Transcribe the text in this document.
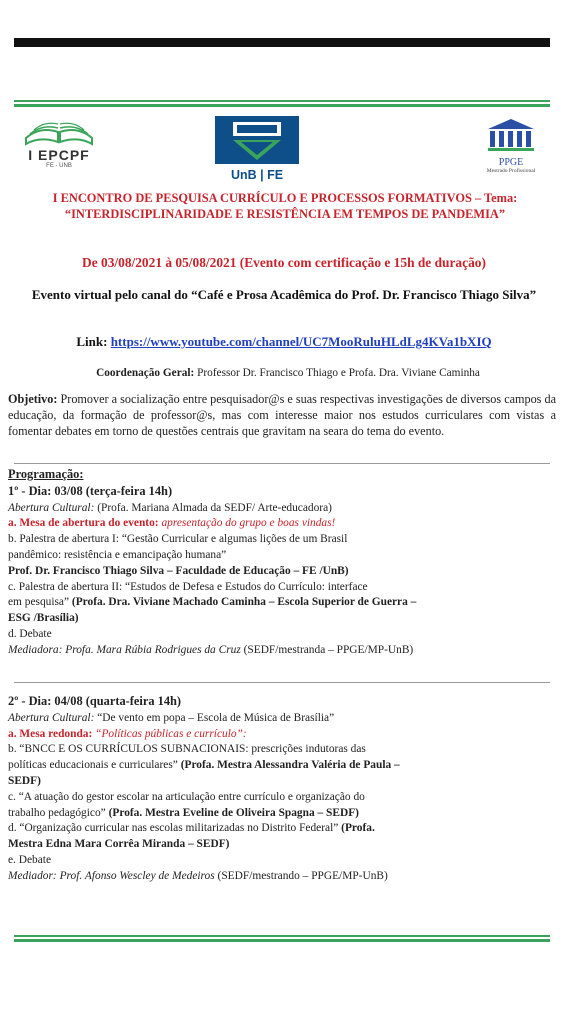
I EPCPF
FE - UNB
UnB | FE
PPGE
Mestrado Profissional
I ENCONTRO DE PESQUISA CURRÍCULO E PROCESSOS FORMATIVOS – Tema: “INTERDISCIPLINARIDADE E RESISTÊNCIA EM TEMPOS DE PANDEMIA”
De 03/08/2021 à 05/08/2021 (Evento com certificação e 15h de duração)
Evento virtual pelo canal do “Café e Prosa Acadêmica do Prof. Dr. Francisco Thiago Silva”
Link: https://www.youtube.com/channel/UC7MooRuluHLdLg4KVa1bXIQ
Coordenação Geral: Professor Dr. Francisco Thiago e Profa. Dra. Viviane Caminha
Objetivo: Promover a socialização entre pesquisador@s e suas respectivas investigações de diversos campos da educação, da formação de professor@s, mas com interesse maior nos estudos curriculares com vistas a fomentar debates em torno de questões centrais que gravitam na seara do tema do evento.
Programação:
1º - Dia: 03/08 (terça-feira 14h)
Abertura Cultural: (Profa. Mariana Almada da SEDF/ Arte-educadora)
a. Mesa de abertura do evento: apresentação do grupo e boas vindas!
b. Palestra de abertura I: “Gestão Curricular e algumas lições de um Brasil
pandêmico: resistência e emancipação humana”
Prof. Dr. Francisco Thiago Silva – Faculdade de Educação – FE /UnB)
c. Palestra de abertura II: “Estudos de Defesa e Estudos do Currículo: interface
em pesquisa” (Profa. Dra. Viviane Machado Caminha – Escola Superior de Guerra –
ESG /Brasília)
d. Debate
Mediadora: Profa. Mara Rúbia Rodrigues da Cruz (SEDF/mestranda – PPGE/MP-UnB)
2º - Dia: 04/08 (quarta-feira 14h)
Abertura Cultural: “De vento em popa – Escola de Música de Brasília”
a. Mesa redonda: “Políticas públicas e currículo”:
b. “BNCC E OS CURRÍCULOS SUBNACIONAIS: prescrições indutoras das
políticas educacionais e curriculares” (Profa. Mestra Alessandra Valéria de Paula –
SEDF)
c. “A atuação do gestor escolar na articulação entre currículo e organização do
trabalho pedagógico” (Profa. Mestra Eveline de Oliveira Spagna – SEDF)
d. “Organização curricular nas escolas militarizadas no Distrito Federal” (Profa.
Mestra Edna Mara Corrêa Miranda – SEDF)
e. Debate
Mediador: Prof. Afonso Wescley de Medeiros (SEDF/mestrando – PPGE/MP-UnB)
